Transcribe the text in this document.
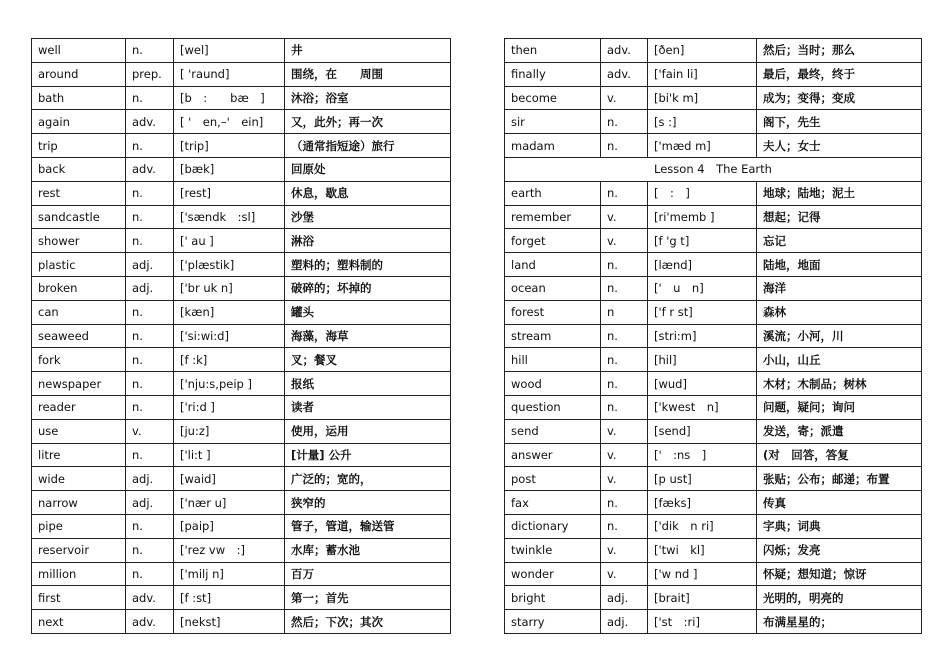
well	n.	[wel]	井
around	prep.	[ 'raund]	围绕，在　　周围
bath	n.	[b　:　　bæ　]	沐浴；浴室
again	adv.	[ '　en,–'　ein]	又，此外；再一次
trip	n.	[trip]	（通常指短途）旅行
back	adv.	[bæk]	回原处
rest	n.	[rest]	休息，歇息
sandcastle	n.	['sændk　:sl]	沙堡
shower	n.	[' au ]	淋浴
plastic	adj.	['plæstik]	塑料的；塑料制的
broken	adj.	['br uk n]	破碎的；坏掉的
can	n.	[kæn]	罐头
seaweed	n.	['si:wi:d]	海藻，海草
fork	n.	[f :k]	叉；餐叉
newspaper	n.	['nju:s,peip ]	报纸
reader	n.	['ri:d ]	读者
use	v.	[ju:z]	使用，运用
litre	n.	['li:t ]	[计量] 公升
wide	adj.	[waid]	广泛的；宽的，
narrow	adj.	['nær u]	狭窄的
pipe	n.	[paip]	管子，管道，输送管
reservoir	n.	['rez vw　:]	水库；蓄水池
million	n.	['milj n]	百万
first	adv.	[f :st]	第一；首先
next	adv.	[nekst]	然后；下次；其次
then	adv.	[ðen]	然后；当时；那么
finally	adv.	['fain li]	最后，最终，终于
become	v.	[bi'k m]	成为；变得；变成
sir	n.	[s :]	阁下，先生
madam	n.	['mæd m]	夫人；女士
Lesson 4　The Earth			
earth	n.	[　:　]	地球；陆地；泥土
remember	v.	[ri'memb ]	想起；记得
forget	v.	[f 'g t]	忘记
land	n.	[lænd]	陆地，地面
ocean	n.	['　u　n]	海洋
forest	n	['f r st]	森林
stream	n.	[stri:m]	溪流；小河，川
hill	n.	[hil]	小山，山丘
wood	n.	[wud]	木材；木制品；树林
question	n.	['kwest　n]	问题，疑问；询问
send	v.	[send]	发送，寄；派遣
answer	v.	['　:ns　]	(对　回答，答复
post	v.	[p ust]	张贴；公布；邮递；布置
fax	n.	[fæks]	传真
dictionary	n.	['dik　n ri]	字典；词典
twinkle	v.	['twi　kl]	闪烁；发亮
wonder	v.	['w nd ]	怀疑；想知道；惊讶
bright	adj.	[brait]	光明的，明亮的
starry	adj.	['st　:ri]	布满星星的；
